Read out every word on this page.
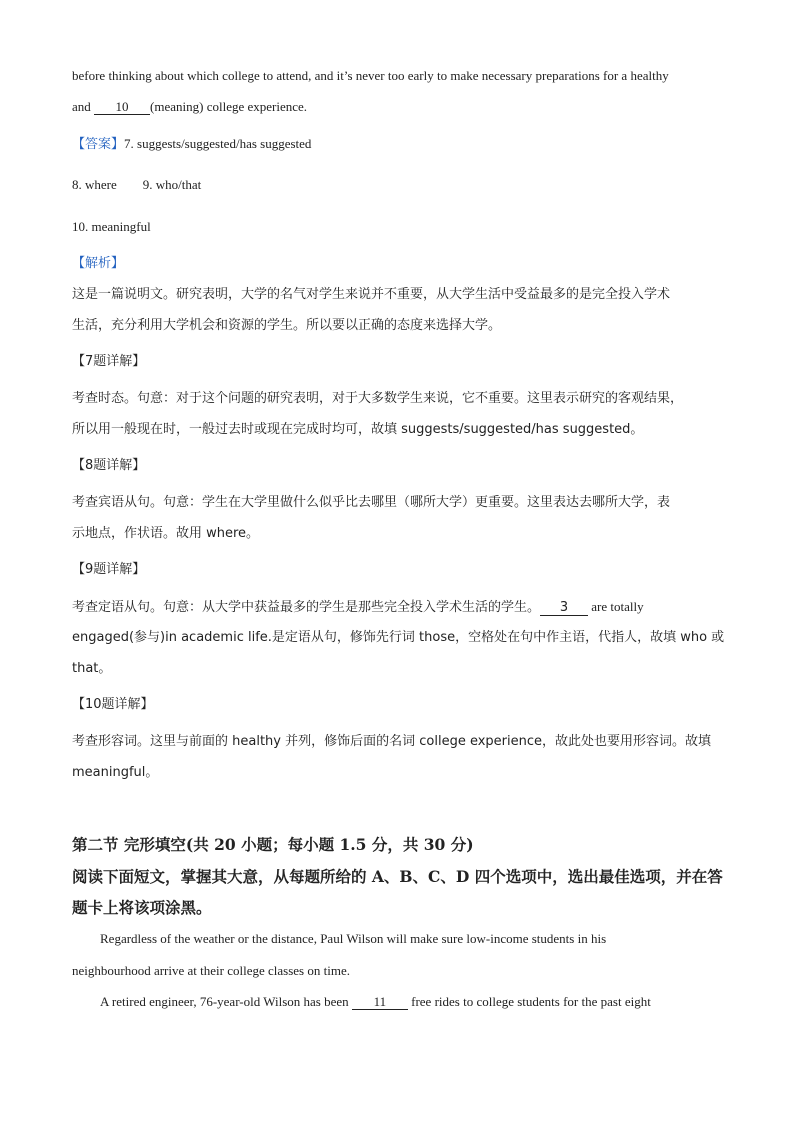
before thinking about which college to attend, and it’s never too early to make necessary preparations for a healthy
and 10 (meaning) college experience.
【答案】7. suggests/suggested/has suggested
8. where 9. who/that
10. meaningful
【解析】
这是一篇说明文。研究表明，大学的名气对学生来说并不重要，从大学生活中受益最多的是完全投入学术
生活，充分利用大学机会和资源的学生。所以要以正确的态度来选择大学。
【7题详解】
考查时态。句意：对于这个问题的研究表明，对于大多数学生来说，它不重要。这里表示研究的客观结果，
所以用一般现在时，一般过去时或现在完成时均可，故填 suggests/suggested/has suggested。
【8题详解】
考查宾语从句。句意：学生在大学里做什么似乎比去哪里（哪所大学）更重要。这里表达去哪所大学，表
示地点，作状语。故用 where。
【9题详解】
考查定语从句。句意：从大学中获益最多的学生是那些完全投入学术生活的学生。 3 are totally
engaged(参与)in academic life.是定语从句，修饰先行词 those，空格处在句中作主语，代指人，故填 who 或
that。
【10题详解】
考查形容词。这里与前面的 healthy 并列，修饰后面的名词 college experience，故此处也要用形容词。故填
meaningful。
第二节 完形填空(共 20 小题；每小题 1.5 分，共 30 分)
阅读下面短文，掌握其大意，从每题所给的 A、B、C、D 四个选项中，选出最佳选项，并在答
题卡上将该项涂黑。
Regardless of the weather or the distance, Paul Wilson will make sure low-income students in his
neighbourhood arrive at their college classes on time.
A retired engineer, 76-year-old Wilson has been 11 free rides to college students for the past eight
